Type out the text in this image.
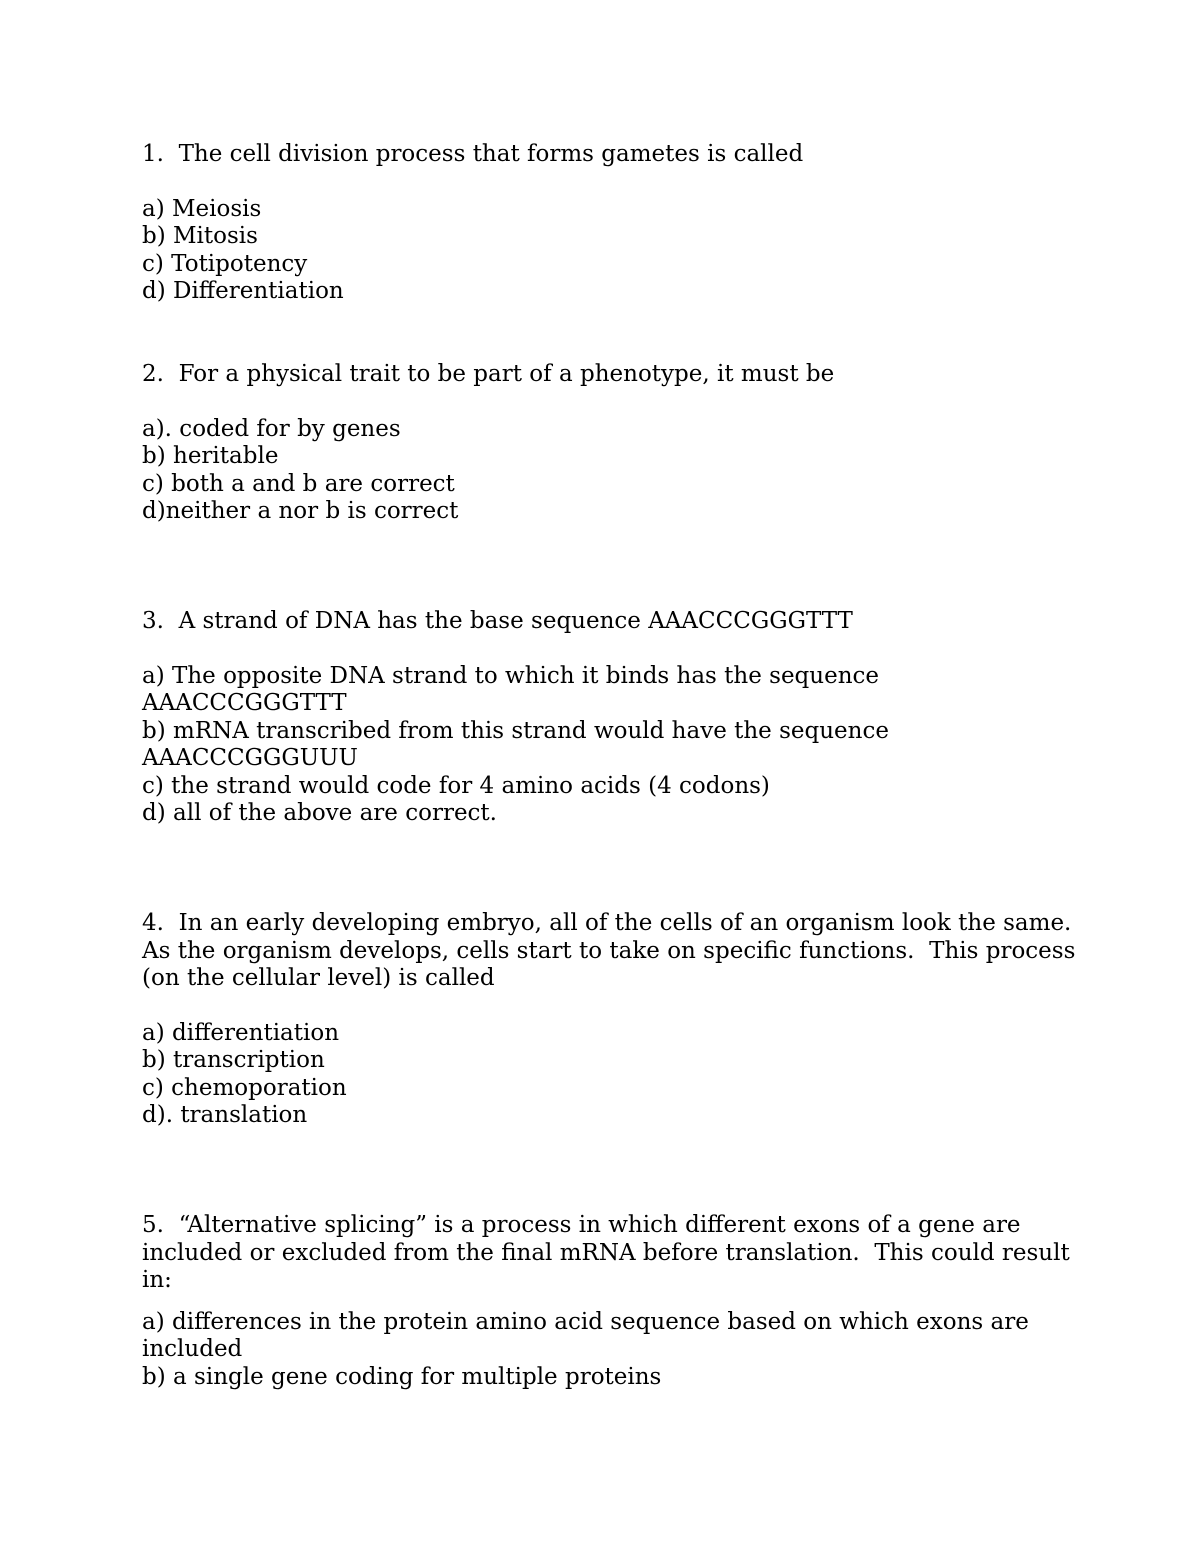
1.  The cell division process that forms gametes is called

a) Meiosis
b) Mitosis
c) Totipotency
d) Differentiation

2.  For a physical trait to be part of a phenotype, it must be

a). coded for by genes
b) heritable
c) both a and b are correct
d)neither a nor b is correct

3.  A strand of DNA has the base sequence AAACCCGGGTTT

a) The opposite DNA strand to which it binds has the sequence AAACCCGGGTTT
b) mRNA transcribed from this strand would have the sequence AAACCCGGGUUU
c) the strand would code for 4 amino acids (4 codons)
d) all of the above are correct.

4.  In an early developing embryo, all of the cells of an organism look the same.  As the organism develops, cells start to take on specific functions.  This process (on the cellular level) is called

a) differentiation
b) transcription
c) chemoporation
d). translation

5.  “Alternative splicing” is a process in which different exons of a gene are included or excluded from the final mRNA before translation.  This could result in:

a) differences in the protein amino acid sequence based on which exons are included
b) a single gene coding for multiple proteins
